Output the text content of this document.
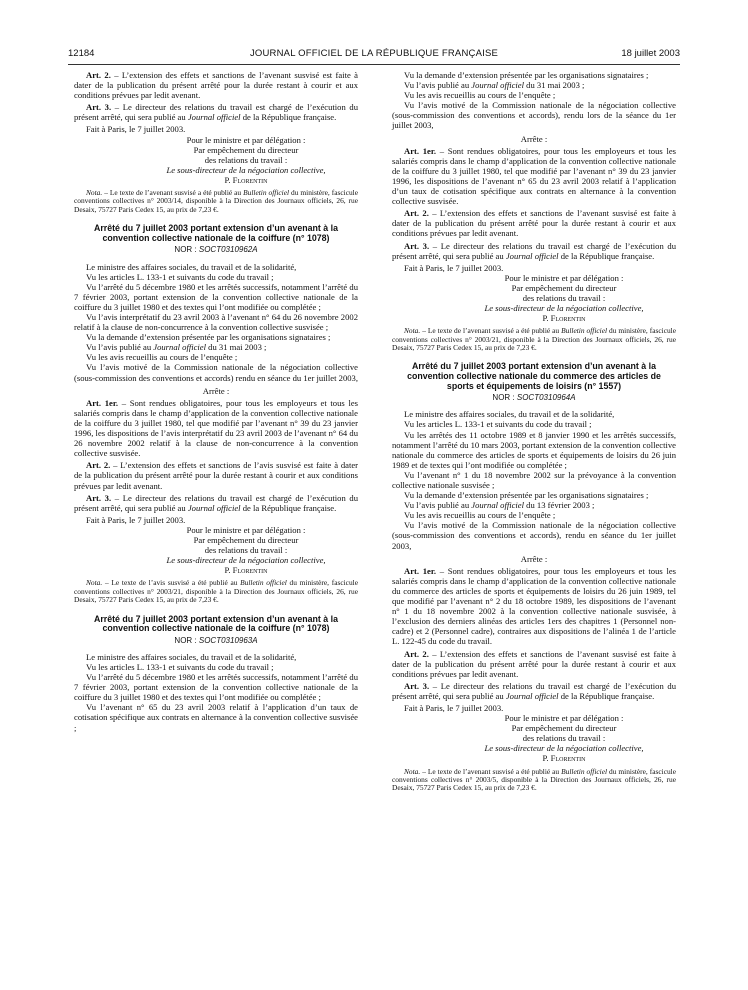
12184	JOURNAL OFFICIEL DE LA RÉPUBLIQUE FRANÇAISE	18 juillet 2003

Art. 2. – L’extension des effets et sanctions de l’avenant susvisé est faite à dater de la publication du présent arrêté pour la durée restant à courir et aux conditions prévues par ledit avenant.

Art. 3. – Le directeur des relations du travail est chargé de l’exécution du présent arrêté, qui sera publié au Journal officiel de la République française.

Fait à Paris, le 7 juillet 2003.

Pour le ministre et par délégation :

Par empêchement du directeur

des relations du travail :

Le sous-directeur de la négociation collective,

P. Florentin

Nota. – Le texte de l’avenant susvisé a été publié au Bulletin officiel du ministère, fascicule conventions collectives n° 2003/14, disponible à la Direction des Journaux officiels, 26, rue Desaix, 75727 Paris Cedex 15, au prix de 7,23 €.

Arrêté du 7 juillet 2003 portant extension d’un avenant à la convention collective nationale de la coiffure (n° 1078)

NOR : SOCT0310962A

Le ministre des affaires sociales, du travail et de la solidarité,

Vu les articles L. 133-1 et suivants du code du travail ;

Vu l’arrêté du 5 décembre 1980 et les arrêtés successifs, notamment l’arrêté du 7 février 2003, portant extension de la convention collective nationale de la coiffure du 3 juillet 1980 et des textes qui l’ont modifiée ou complétée ;

Vu l’avis interprétatif du 23 avril 2003 à l’avenant n° 64 du 26 novembre 2002 relatif à la clause de non-concurrence à la convention collective susvisée ;

Vu la demande d’extension présentée par les organisations signataires ;

Vu l’avis publié au Journal officiel du 31 mai 2003 ;

Vu les avis recueillis au cours de l’enquête ;

Vu l’avis motivé de la Commission nationale de la négociation collective (sous-commission des conventions et accords) rendu en séance du 1er juillet 2003,

Arrête :

Art. 1er. – Sont rendues obligatoires, pour tous les employeurs et tous les salariés compris dans le champ d’application de la convention collective nationale de la coiffure du 3 juillet 1980, tel que modifié par l’avenant n° 39 du 23 janvier 1996, les dispositions de l’avis interprétatif du 23 avril 2003 de l’avenant n° 64 du 26 novembre 2002 relatif à la clause de non-concurrence à la convention collective susvisée.

Art. 2. – L’extension des effets et sanctions de l’avis susvisé est faite à dater de la publication du présent arrêté pour la durée restant à courir et aux conditions prévues par ledit avenant.

Art. 3. – Le directeur des relations du travail est chargé de l’exécution du présent arrêté, qui sera publié au Journal officiel de la République française.

Fait à Paris, le 7 juillet 2003.

Pour le ministre et par délégation :

Par empêchement du directeur

des relations du travail :

Le sous-directeur de la négociation collective,

P. Florentin

Nota. – Le texte de l’avis susvisé a été publié au Bulletin officiel du ministère, fascicule conventions collectives n° 2003/21, disponible à la Direction des Journaux officiels, 26, rue Desaix, 75727 Paris Cedex 15, au prix de 7,23 €.

Arrêté du 7 juillet 2003 portant extension d’un avenant à la convention collective nationale de la coiffure (n° 1078)

NOR : SOCT0310963A

Le ministre des affaires sociales, du travail et de la solidarité,

Vu les articles L. 133-1 et suivants du code du travail ;

Vu l’arrêté du 5 décembre 1980 et les arrêtés successifs, notamment l’arrêté du 7 février 2003, portant extension de la convention collective nationale de la coiffure du 3 juillet 1980 et des textes qui l’ont modifiée ou complétée ;

Vu l’avenant n° 65 du 23 avril 2003 relatif à l’application d’un taux de cotisation spécifique aux contrats en alternance à la convention collective susvisée ;

Vu la demande d’extension présentée par les organisations signataires ;

Vu l’avis publié au Journal officiel du 31 mai 2003 ;

Vu les avis recueillis au cours de l’enquête ;

Vu l’avis motivé de la Commission nationale de la négociation collective (sous-commission des conventions et accords), rendu lors de la séance du 1er juillet 2003,

Arrête :

Art. 1er. – Sont rendues obligatoires, pour tous les employeurs et tous les salariés compris dans le champ d’application de la convention collective nationale de la coiffure du 3 juillet 1980, tel que modifié par l’avenant n° 39 du 23 janvier 1996, les dispositions de l’avenant n° 65 du 23 avril 2003 relatif à l’application d’un taux de cotisation spécifique aux contrats en alternance à la convention collective susvisée.

Art. 2. – L’extension des effets et sanctions de l’avenant susvisé est faite à dater de la publication du présent arrêté pour la durée restant à courir et aux conditions prévues par ledit avenant.

Art. 3. – Le directeur des relations du travail est chargé de l’exécution du présent arrêté, qui sera publié au Journal officiel de la République française.

Fait à Paris, le 7 juillet 2003.

Pour le ministre et par délégation :

Par empêchement du directeur

des relations du travail :

Le sous-directeur de la négociation collective,

P. Florentin

Nota. – Le texte de l’avenant susvisé a été publié au Bulletin officiel du ministère, fascicule conventions collectives n° 2003/21, disponible à la Direction des Journaux officiels, 26, rue Desaix, 75727 Paris Cedex 15, au prix de 7,23 €.

Arrêté du 7 juillet 2003 portant extension d’un avenant à la convention collective nationale du commerce des articles de sports et équipements de loisirs (n° 1557)

NOR : SOCT0310964A

Le ministre des affaires sociales, du travail et de la solidarité,

Vu les articles L. 133-1 et suivants du code du travail ;

Vu les arrêtés des 11 octobre 1989 et 8 janvier 1990 et les arrêtés successifs, notamment l’arrêté du 10 mars 2003, portant extension de la convention collective nationale du commerce des articles de sports et équipements de loisirs du 26 juin 1989 et de textes qui l’ont modifiée ou complétée ;

Vu l’avenant n° 1 du 18 novembre 2002 sur la prévoyance à la convention collective nationale susvisée ;

Vu la demande d’extension présentée par les organisations signataires ;

Vu l’avis publié au Journal officiel du 13 février 2003 ;

Vu les avis recueillis au cours de l’enquête ;

Vu l’avis motivé de la Commission nationale de la négociation collective (sous-commission des conventions et accords), rendu en séance du 1er juillet 2003,

Arrête :

Art. 1er. – Sont rendues obligatoires, pour tous les employeurs et tous les salariés compris dans le champ d’application de la convention collective nationale du commerce des articles de sports et équipements de loisirs du 26 juin 1989, tel que modifié par l’avenant n° 2 du 18 octobre 1989, les dispositions de l’avenant n° 1 du 18 novembre 2002 à la convention collective nationale susvisée, à l’exclusion des derniers alinéas des articles 1ers des chapitres 1 (Personnel non-cadre) et 2 (Personnel cadre), contraires aux dispositions de l’alinéa 1 de l’article L. 122-45 du code du travail.

Art. 2. – L’extension des effets et sanctions de l’avenant susvisé est faite à dater de la publication du présent arrêté pour la durée restant à courir et aux conditions prévues par ledit avenant.

Art. 3. – Le directeur des relations du travail est chargé de l’exécution du présent arrêté, qui sera publié au Journal officiel de la République française.

Fait à Paris, le 7 juillet 2003.

Pour le ministre et par délégation :

Par empêchement du directeur

des relations du travail :

Le sous-directeur de la négociation collective,

P. Florentin

Nota. – Le texte de l’avenant susvisé a été publié au Bulletin officiel du ministère, fascicule conventions collectives n° 2003/5, disponible à la Direction des Journaux officiels, 26, rue Desaix, 75727 Paris Cedex 15, au prix de 7,23 €.
